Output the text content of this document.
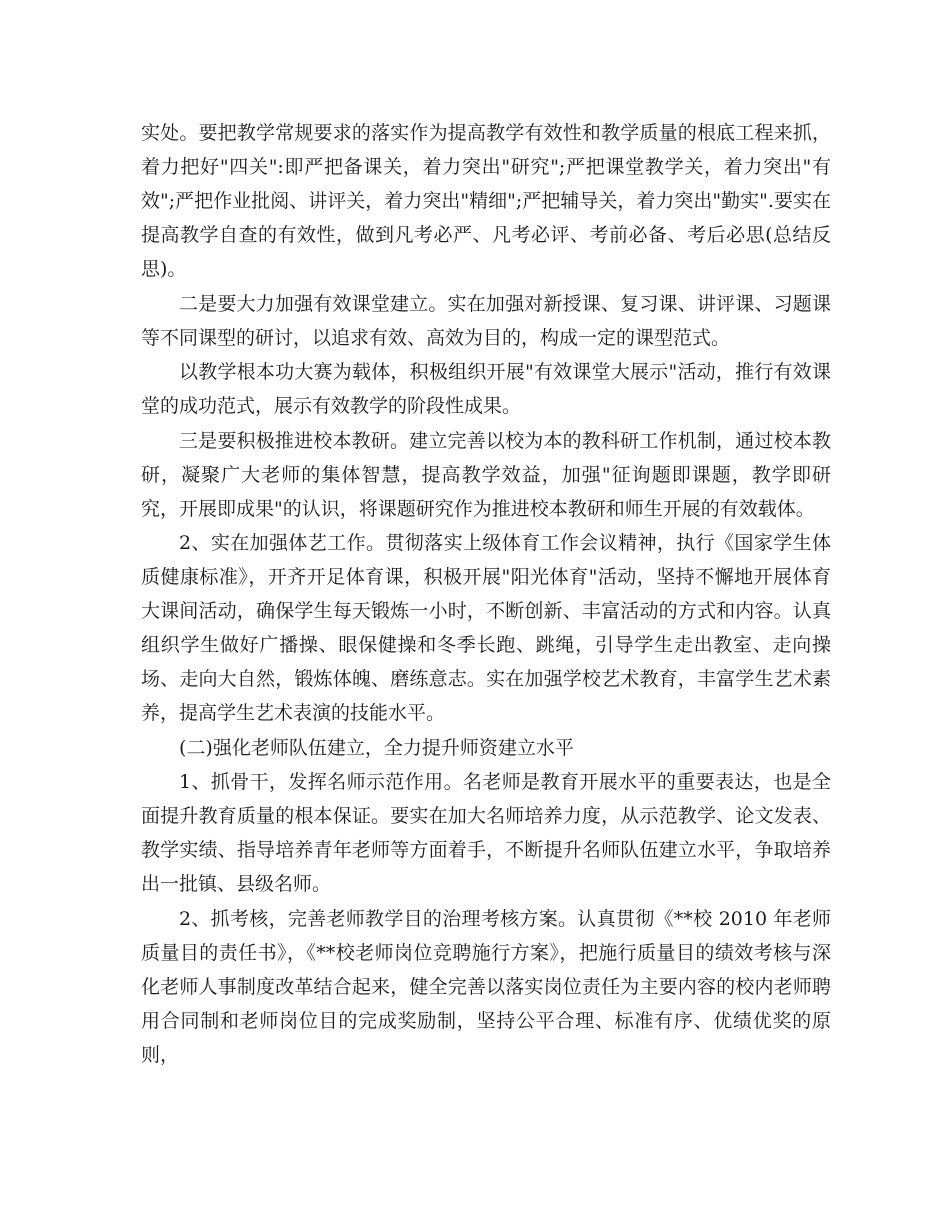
实处。要把教学常规要求的落实作为提高教学有效性和教学质量的根底工程来抓，着力把好"四关":即严把备课关，着力突出"研究";严把课堂教学关，着力突出"有效";严把作业批阅、讲评关，着力突出"精细";严把辅导关，着力突出"勤实".要实在提高教学自查的有效性，做到凡考必严、凡考必评、考前必备、考后必思(总结反思)。

二是要大力加强有效课堂建立。实在加强对新授课、复习课、讲评课、习题课等不同课型的研讨，以追求有效、高效为目的，构成一定的课型范式。

以教学根本功大赛为载体，积极组织开展"有效课堂大展示"活动，推行有效课堂的成功范式，展示有效教学的阶段性成果。

三是要积极推进校本教研。建立完善以校为本的教科研工作机制，通过校本教研，凝聚广大老师的集体智慧，提高教学效益，加强"征询题即课题，教学即研究，开展即成果"的认识，将课题研究作为推进校本教研和师生开展的有效载体。

2、实在加强体艺工作。贯彻落实上级体育工作会议精神，执行《国家学生体质健康标准》，开齐开足体育课，积极开展"阳光体育"活动，坚持不懈地开展体育大课间活动，确保学生每天锻炼一小时，不断创新、丰富活动的方式和内容。认真组织学生做好广播操、眼保健操和冬季长跑、跳绳，引导学生走出教室、走向操场、走向大自然，锻炼体魄、磨练意志。实在加强学校艺术教育，丰富学生艺术素养，提高学生艺术表演的技能水平。

(二)强化老师队伍建立，全力提升师资建立水平

1、抓骨干，发挥名师示范作用。名老师是教育开展水平的重要表达，也是全面提升教育质量的根本保证。要实在加大名师培养力度，从示范教学、论文发表、教学实绩、指导培养青年老师等方面着手，不断提升名师队伍建立水平，争取培养出一批镇、县级名师。

2、抓考核，完善老师教学目的治理考核方案。认真贯彻《**校 2010 年老师质量目的责任书》，《**校老师岗位竞聘施行方案》，把施行质量目的绩效考核与深化老师人事制度改革结合起来，健全完善以落实岗位责任为主要内容的校内老师聘用合同制和老师岗位目的完成奖励制，坚持公平合理、标准有序、优绩优奖的原则，
